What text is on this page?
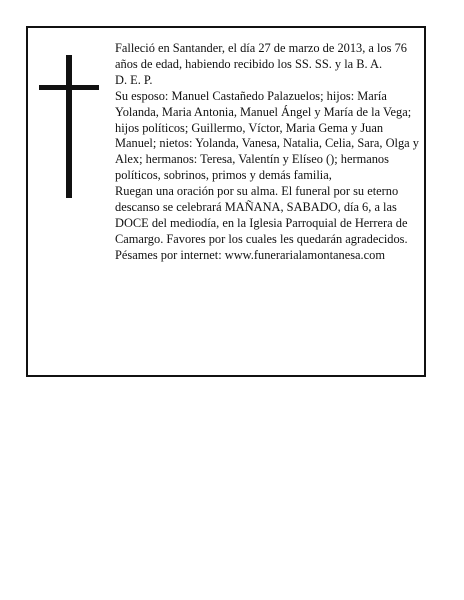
Falleció en Santander, el día 27 de marzo de 2013, a los 76 años de edad, habiendo recibido los SS. SS. y la B. A.

D. E. P.

Su esposo: Manuel Castañedo Palazuelos; hijos: María Yolanda, Maria Antonia, Manuel Ángel y María de la Vega; hijos políticos; Guillermo, Víctor, Maria Gema y Juan Manuel; nietos: Yolanda, Vanesa, Natalia, Celia, Sara, Olga y Alex; hermanos: Teresa, Valentín y Elíseo (); hermanos políticos, sobrinos, primos y demás familia,

Ruegan una oración por su alma. El funeral por su eterno descanso se celebrará MAÑANA, SABADO, día 6, a las DOCE del mediodía, en la Iglesia Parroquial de Herrera de Camargo. Favores por los cuales les quedarán agradecidos.

Pésames por internet: www.funerarialamontanesa.com
